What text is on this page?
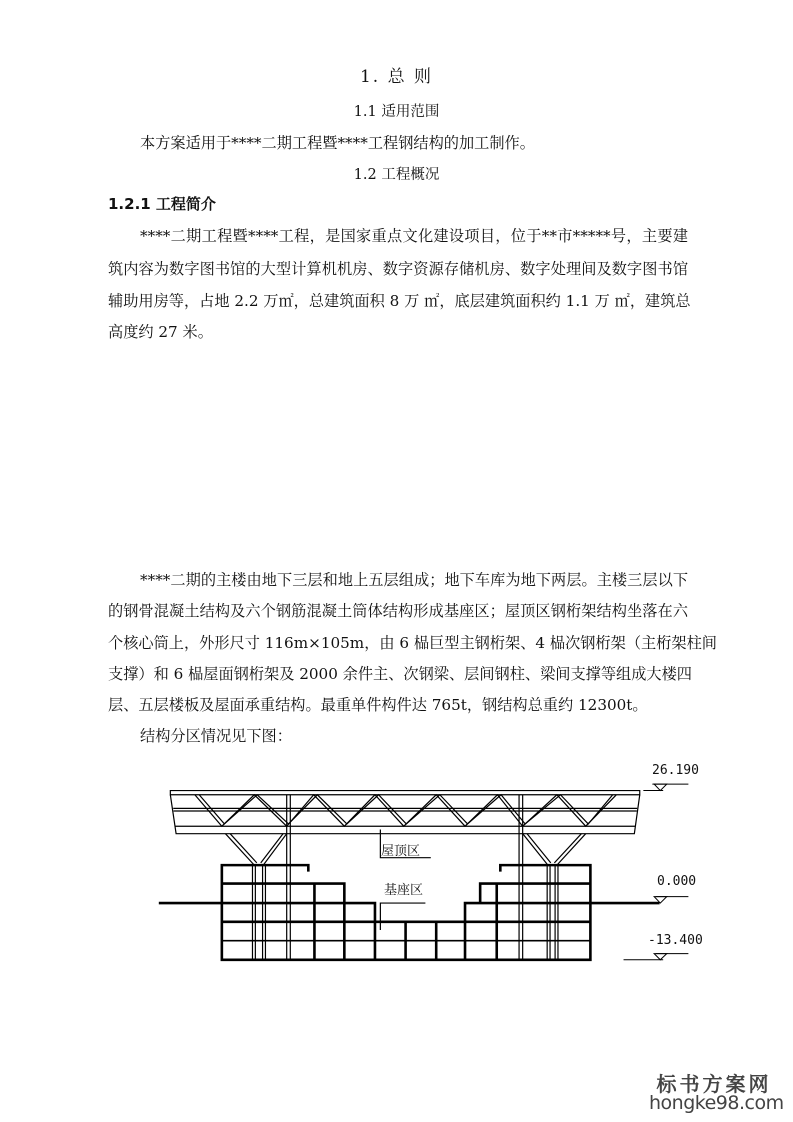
1. 总 则
1.1 适用范围
本方案适用于****二期工程暨****工程钢结构的加工制作。
1.2 工程概况
1.2.1 工程简介
****二期工程暨****工程，是国家重点文化建设项目，位于**市*****号，主要建
筑内容为数字图书馆的大型计算机机房、数字资源存储机房、数字处理间及数字图书馆
辅助用房等，占地 2.2 万㎡，总建筑面积 8 万 ㎡，底层建筑面积约 1.1 万 ㎡，建筑总
高度约 27 米。
****二期的主楼由地下三层和地上五层组成；地下车库为地下两层。主楼三层以下
的钢骨混凝土结构及六个钢筋混凝土筒体结构形成基座区；屋顶区钢桁架结构坐落在六
个核心筒上，外形尺寸 116m×105m，由 6 榀巨型主钢桁架、4 榀次钢桁架（主桁架柱间
支撑）和 6 榀屋面钢桁架及 2000 余件主、次钢梁、层间钢柱、梁间支撑等组成大楼四
层、五层楼板及屋面承重结构。最重单件构件达 765t，钢结构总重约 12300t。
结构分区情况见下图：
屋顶区
基座区
26.190
0.000
-13.400
标书方案网
hongke98.com
